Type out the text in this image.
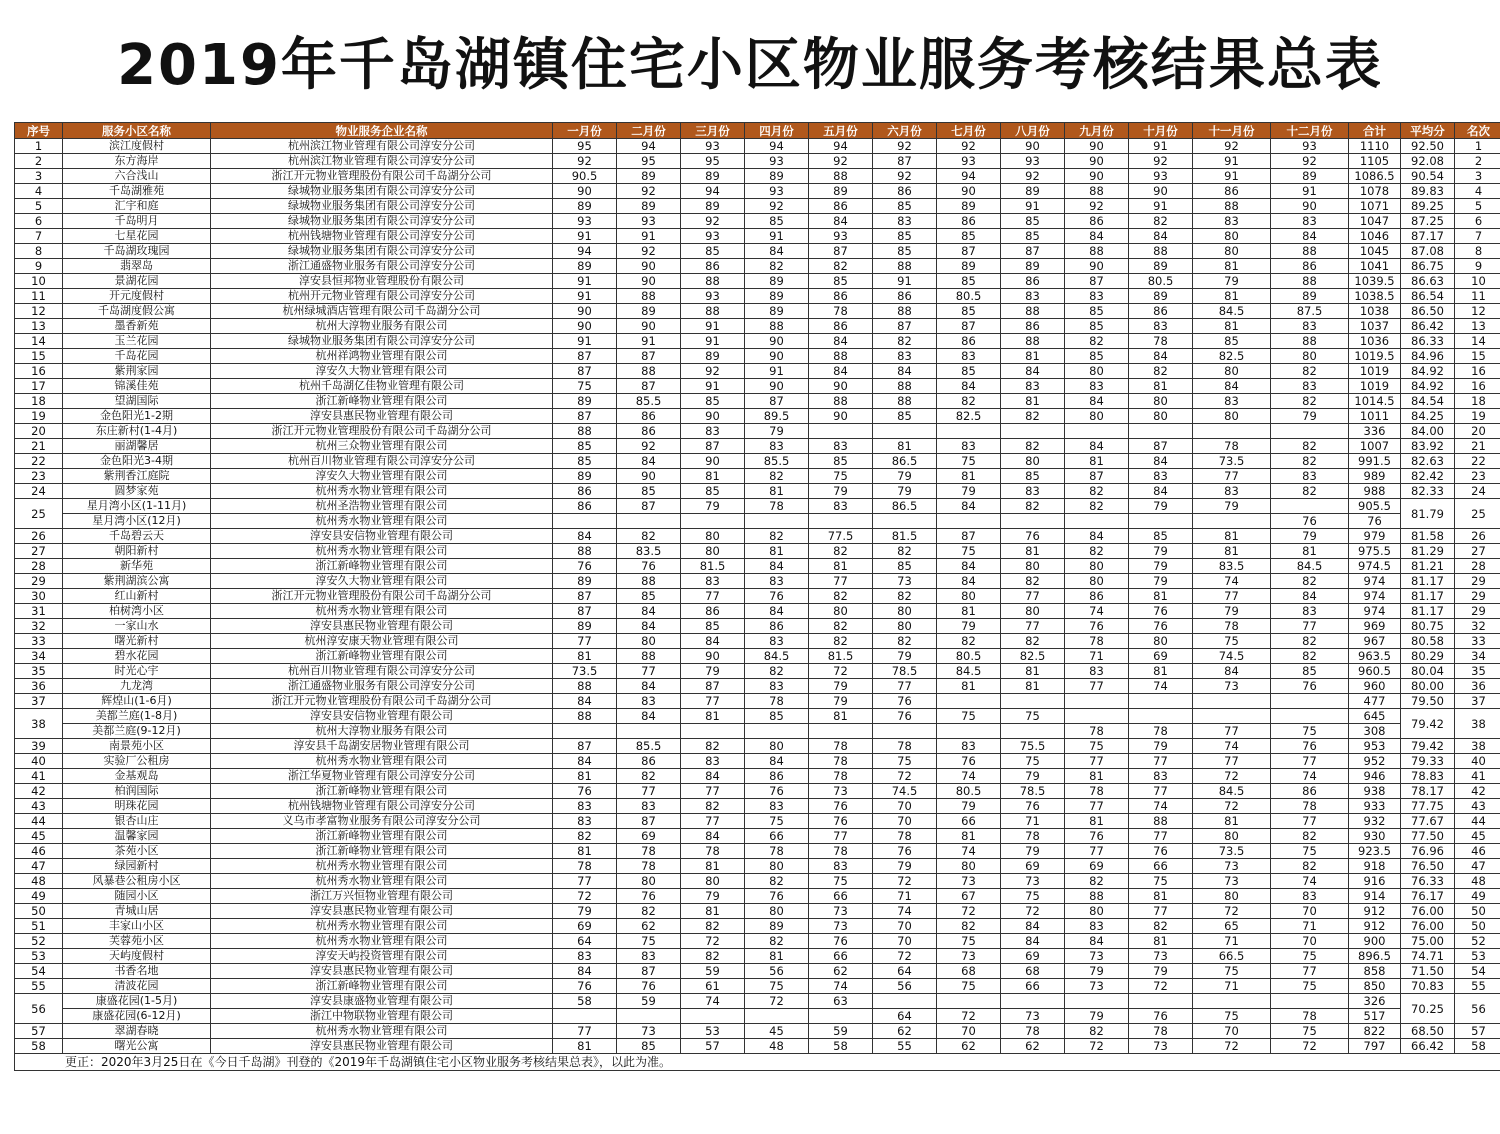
2019年千岛湖镇住宅小区物业服务考核结果总表
序号	服务小区名称	物业服务企业名称	一月份	二月份	三月份	四月份	五月份	六月份	七月份	八月份	九月份	十月份	十一月份	十二月份	合计	平均分	名次
1	滨江度假村	杭州滨江物业管理有限公司淳安分公司	95	94	93	94	94	92	92	90	90	91	92	93	1110	92.50	1
2	东方海岸	杭州滨江物业管理有限公司淳安分公司	92	95	95	93	92	87	93	93	90	92	91	92	1105	92.08	2
3	六合浅山	浙江开元物业管理股份有限公司千岛湖分公司	90.5	89	89	89	88	92	94	92	90	93	91	89	1086.5	90.54	3
4	千岛湖雅苑	绿城物业服务集团有限公司淳安分公司	90	92	94	93	89	86	90	89	88	90	86	91	1078	89.83	4
5	汇宇和庭	绿城物业服务集团有限公司淳安分公司	89	89	89	92	86	85	89	91	92	91	88	90	1071	89.25	5
6	千岛明月	绿城物业服务集团有限公司淳安分公司	93	93	92	85	84	83	86	85	86	82	83	83	1047	87.25	6
7	七星花园	杭州钱塘物业管理有限公司淳安分公司	91	91	93	91	93	85	85	85	84	84	80	84	1046	87.17	7
8	千岛湖玫瑰园	绿城物业服务集团有限公司淳安分公司	94	92	85	84	87	85	87	87	88	88	80	88	1045	87.08	8
9	翡翠岛	浙江通盛物业服务有限公司淳安分公司	89	90	86	82	82	88	89	89	90	89	81	86	1041	86.75	9
10	景湖花园	淳安县恒邦物业管理股份有限公司	91	90	88	89	85	91	85	86	87	80.5	79	88	1039.5	86.63	10
11	开元度假村	杭州开元物业管理有限公司淳安分公司	91	88	93	89	86	86	80.5	83	83	89	81	89	1038.5	86.54	11
12	千岛湖度假公寓	杭州绿城酒店管理有限公司千岛湖分公司	90	89	88	89	78	88	85	88	85	86	84.5	87.5	1038	86.50	12
13	墨香新苑	杭州大淳物业服务有限公司	90	90	91	88	86	87	87	86	85	83	81	83	1037	86.42	13
14	玉兰花园	绿城物业服务集团有限公司淳安分公司	91	91	91	90	84	82	86	88	82	78	85	88	1036	86.33	14
15	千岛花园	杭州祥鸿物业管理有限公司	87	87	89	90	88	83	83	81	85	84	82.5	80	1019.5	84.96	15
16	紫荆家园	淳安久大物业管理有限公司	87	88	92	91	84	84	85	84	80	82	80	82	1019	84.92	16
17	锦溪佳苑	杭州千岛湖亿佳物业管理有限公司	75	87	91	90	90	88	84	83	83	81	84	83	1019	84.92	16
18	望湖国际	浙江新峰物业管理有限公司	89	85.5	85	87	88	88	82	81	84	80	83	82	1014.5	84.54	18
19	金色阳光1-2期	淳安县惠民物业管理有限公司	87	86	90	89.5	90	85	82.5	82	80	80	80	79	1011	84.25	19
20	东庄新村(1-4月)	浙江开元物业管理股份有限公司千岛湖分公司	88	86	83	79									336	84.00	20
21	丽湖馨居	杭州三众物业管理有限公司	85	92	87	83	83	81	83	82	84	87	78	82	1007	83.92	21
22	金色阳光3-4期	杭州百川物业管理有限公司淳安分公司	85	84	90	85.5	85	86.5	75	80	81	84	73.5	82	991.5	82.63	22
23	紫荆香江庭院	淳安久大物业管理有限公司	89	90	81	82	75	79	81	85	87	83	77	83	989	82.42	23
24	圆梦家苑	杭州秀水物业管理有限公司	86	85	85	81	79	79	79	83	82	84	83	82	988	82.33	24
25	星月湾小区(1-11月)	杭州圣浩物业管理有限公司	86	87	79	78	83	86.5	84	82	82	79	79		905.5	81.79	25
	星月湾小区(12月)	杭州秀水物业管理有限公司												76	76		
26	千岛碧云天	淳安县安信物业管理有限公司	84	82	80	82	77.5	81.5	87	76	84	85	81	79	979	81.58	26
27	朝阳新村	杭州秀水物业管理有限公司	88	83.5	80	81	82	82	75	81	82	79	81	81	975.5	81.29	27
28	新华苑	浙江新峰物业管理有限公司	76	76	81.5	84	81	85	84	80	80	79	83.5	84.5	974.5	81.21	28
29	紫荆湖滨公寓	淳安久大物业管理有限公司	89	88	83	83	77	73	84	82	80	79	74	82	974	81.17	29
30	红山新村	浙江开元物业管理股份有限公司千岛湖分公司	87	85	77	76	82	82	80	77	86	81	77	84	974	81.17	29
31	柏树湾小区	杭州秀水物业管理有限公司	87	84	86	84	80	80	81	80	74	76	79	83	974	81.17	29
32	一家山水	淳安县惠民物业管理有限公司	89	84	85	86	82	80	79	77	76	76	78	77	969	80.75	32
33	曙光新村	杭州淳安康天物业管理有限公司	77	80	84	83	82	82	82	82	78	80	75	82	967	80.58	33
34	碧水花园	浙江新峰物业管理有限公司	81	88	90	84.5	81.5	79	80.5	82.5	71	69	74.5	82	963.5	80.29	34
35	时光心宇	杭州百川物业管理有限公司淳安分公司	73.5	77	79	82	72	78.5	84.5	81	83	81	84	85	960.5	80.04	35
36	九龙湾	浙江通盛物业服务有限公司淳安分公司	88	84	87	83	79	77	81	81	77	74	73	76	960	80.00	36
37	辉煌山(1-6月)	浙江开元物业管理股份有限公司千岛湖分公司	84	83	77	78	79	76							477	79.50	37
38	美都兰庭(1-8月)	淳安县安信物业管理有限公司	88	84	81	85	81	76	75	75					645	79.42	38
	美都兰庭(9-12月)	杭州大淳物业服务有限公司									78	78	77	75	308		
39	南景苑小区	淳安县千岛湖安居物业管理有限公司	87	85.5	82	80	78	78	83	75.5	75	79	74	76	953	79.42	38
40	实验厂公租房	杭州秀水物业管理有限公司	84	86	83	84	78	75	76	75	77	77	77	77	952	79.33	40
41	金基观岛	浙江华夏物业管理有限公司淳安分公司	81	82	84	86	78	72	74	79	81	83	72	74	946	78.83	41
42	柏润国际	浙江新峰物业管理有限公司	76	77	77	76	73	74.5	80.5	78.5	78	77	84.5	86	938	78.17	42
43	明珠花园	杭州钱塘物业管理有限公司淳安分公司	83	83	82	83	76	70	79	76	77	74	72	78	933	77.75	43
44	银杏山庄	义乌市孝富物业服务有限公司淳安分公司	83	87	77	75	76	70	66	71	81	88	81	77	932	77.67	44
45	温馨家园	浙江新峰物业管理有限公司	82	69	84	66	77	78	81	78	76	77	80	82	930	77.50	45
46	茶苑小区	浙江新峰物业管理有限公司	81	78	78	78	78	76	74	79	77	76	73.5	75	923.5	76.96	46
47	绿园新村	杭州秀水物业管理有限公司	78	78	81	80	83	79	80	69	69	66	73	82	918	76.50	47
48	风暴巷公租房小区	杭州秀水物业管理有限公司	77	80	80	82	75	72	73	73	82	75	73	74	916	76.33	48
49	随园小区	浙江万兴恒物业管理有限公司	72	76	79	76	66	71	67	75	88	81	80	83	914	76.17	49
50	青城山居	淳安县惠民物业管理有限公司	79	82	81	80	73	74	72	72	80	77	72	70	912	76.00	50
51	丰家山小区	杭州秀水物业管理有限公司	69	62	82	89	73	70	82	84	83	82	65	71	912	76.00	50
52	芙蓉苑小区	杭州秀水物业管理有限公司	64	75	72	82	76	70	75	84	84	81	71	70	900	75.00	52
53	天屿度假村	淳安天屿投资管理有限公司	83	83	82	81	66	72	73	69	73	73	66.5	75	896.5	74.71	53
54	书香名地	淳安县惠民物业管理有限公司	84	87	59	56	62	64	68	68	79	79	75	77	858	71.50	54
55	清波花园	浙江新峰物业管理有限公司	76	76	61	75	74	56	75	66	73	72	71	75	850	70.83	55
56	康盛花园(1-5月)	淳安县康盛物业管理有限公司	58	59	74	72	63								326	70.25	56
	康盛花园(6-12月)	浙江中物联物业管理有限公司						64	72	73	79	76	75	78	517		
57	翠湖春晓	杭州秀水物业管理有限公司	77	73	53	45	59	62	70	78	82	78	70	75	822	68.50	57
58	曙光公寓	淳安县惠民物业管理有限公司	81	85	57	48	58	55	62	62	72	73	72	72	797	66.42	58
更正：2020年3月25日在《今日千岛湖》刊登的《2019年千岛湖镇住宅小区物业服务考核结果总表》，以此为准。																	
